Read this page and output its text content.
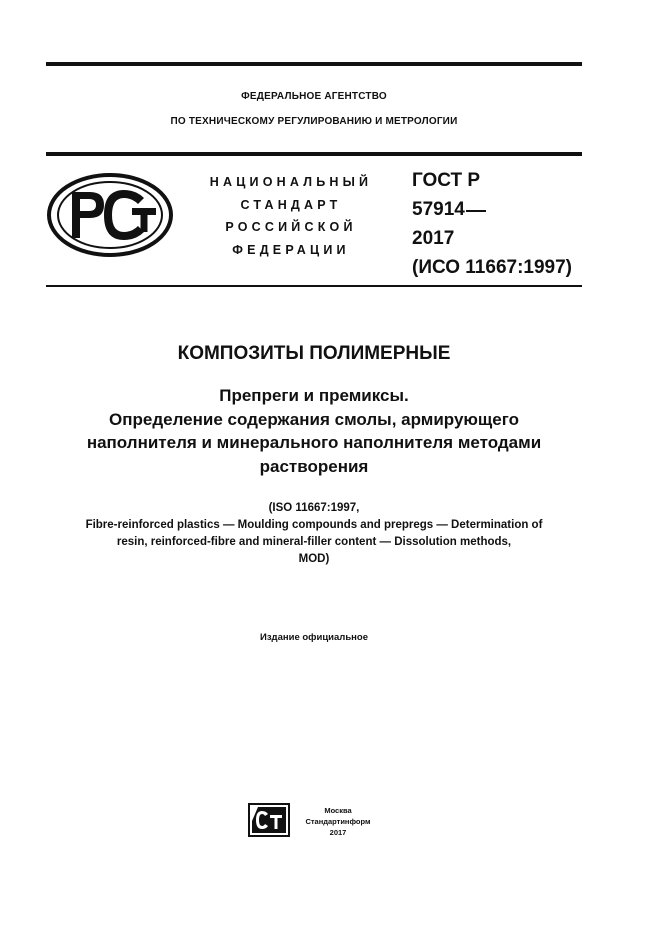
ФЕДЕРАЛЬНОЕ АГЕНТСТВО
ПО ТЕХНИЧЕСКОМУ РЕГУЛИРОВАНИЮ И МЕТРОЛОГИИ
НАЦИОНАЛЬНЫЙ
СТАНДАРТ
РОССИЙСКОЙ
ФЕДЕРАЦИИ
ГОСТ Р
57914
2017
(ИСО 11667:1997)
КОМПОЗИТЫ ПОЛИМЕРНЫЕ
Препреги и премиксы.
Определение содержания смолы, армирующего
наполнителя и минерального наполнителя методами
растворения
(ISO 11667:1997,
Fibre-reinforced plastics — Moulding compounds and prepregs — Determination of
resin, reinforced-fibre and mineral-filler content — Dissolution methods,
MOD)
Издание официальное
Москва
Стандартинформ
2017
